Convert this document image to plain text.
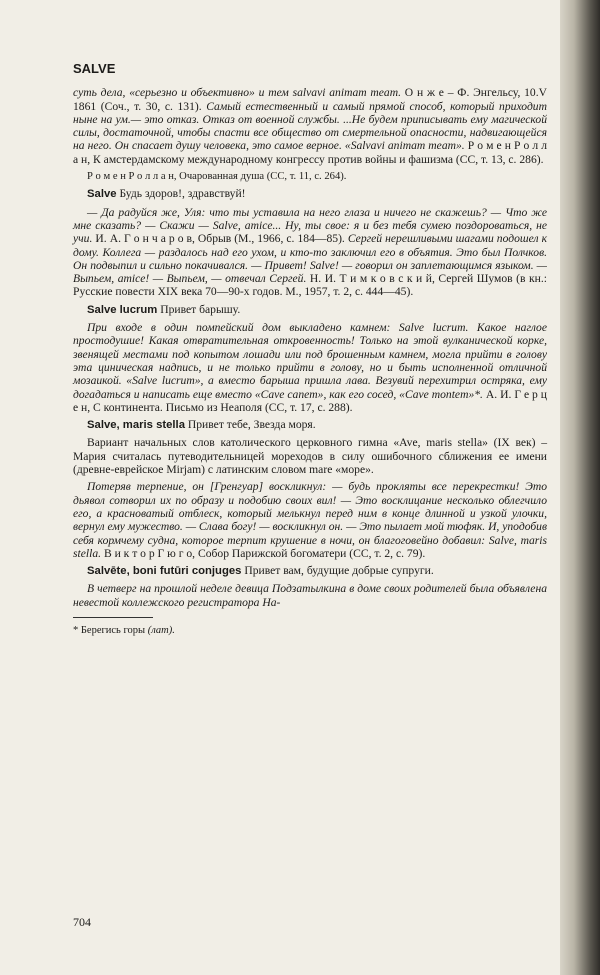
SALVE

суть дела, «серьезно и объективно» и тем salvavi animam meam. О н ж е – Ф. Энгельсу, 10.V 1861 (Соч., т. 30, с. 131). Самый естественный и самый прямой способ, который приходит ныне на ум.— это отказ. Отказ от военной службы. ...Не будем приписывать ему магической силы, достаточной, чтобы спасти все общество от смертельной опасности, надвигающейся на него. Он спасает душу человека, это самое верное. «Salvavi animam meam». Р о м е н Р о л л а н, К амстердамскому международному конгрессу против войны и фашизма (СС, т. 13, с. 286).

Р о м е н Р о л л а н, Очарованная душа (СС, т. 11, с. 264).

Salve Будь здоров!, здравствуй!

— Да радуйся же, Уля: что ты уставила на него глаза и ничего не скажешь? — Что же мне сказать? — Скажи — Salve, amice... Ну, ты свое: я и без тебя сумею поздороваться, не учи. И. А. Г о н ч а р о в, Обрыв (М., 1966, с. 184—85). Сергей нерешливыми шагами подошел к дому. Коллега — раздалось над его ухом, и кто-то заключил его в объятия. Это был Полчков. Он подвыпил и сильно покачивался. — Привет! Salve! — говорил он заплетающимся языком. — Выпьем, amice! — Выпьем, — отвечал Сергей. Н. И. Т и м к о в с к и й, Сергей Шумов (в кн.: Русские повести XIX века 70—90-х годов. М., 1957, т. 2, с. 444—45).

Salve lucrum Привет барышу.

При входе в один помпейский дом выкладено камнем: Salve lucrum. Какое наглое простодушие! Какая отвратительная откровенность! Только на этой вулканической корке, звенящей местами под копытом лошади или под брошенным камнем, могла прийти в голову эта циническая надпись, и не только прийти в голову, но и быть исполненной отличной мозаикой. «Salve lucrum», а вместо барыша пришла лава. Везувий перехитрил остряка, ему догадаться и написать еще вместо «Cave canem», как его сосед, «Cave montem»*. А. И. Г е р ц е н, С континента. Письмо из Неаполя (СС, т. 17, с. 288).

Salve, maris stella Привет тебе, Звезда моря.

Вариант начальных слов католического церковного гимна «Ave, maris stella» (IX век) – Мария считалась путеводительницей мореходов в силу ошибочного сближения ее имени (древне-еврейское Mirjam) с латинским словом mare «море».

Потеряв терпение, он [Гренгуар] воскликнул: — будь прокляты все перекрестки! Это дьявол сотворил их по образу и подобию своих вил! — Это восклицание несколько облегчило его, а красноватый отблеск, который мелькнул перед ним в конце длинной и узкой улочки, вернул ему мужество. — Слава богу! — воскликнул он. — Это пылает мой тюфяк. И, уподобив себя кормчему судна, которое терпит крушение в ночи, он благоговейно добавил: Salve, maris stella. В и к т о р Г ю г о, Собор Парижской богоматери (СС, т. 2, с. 79).

Salvēte, boni futūri conjuges Привет вам, будущие добрые супруги.

В четверг на прошлой неделе девица Подзатылкина в доме своих родителей была объявлена невестой коллежского регистратора На-

* Берегись горы (лат).
704
